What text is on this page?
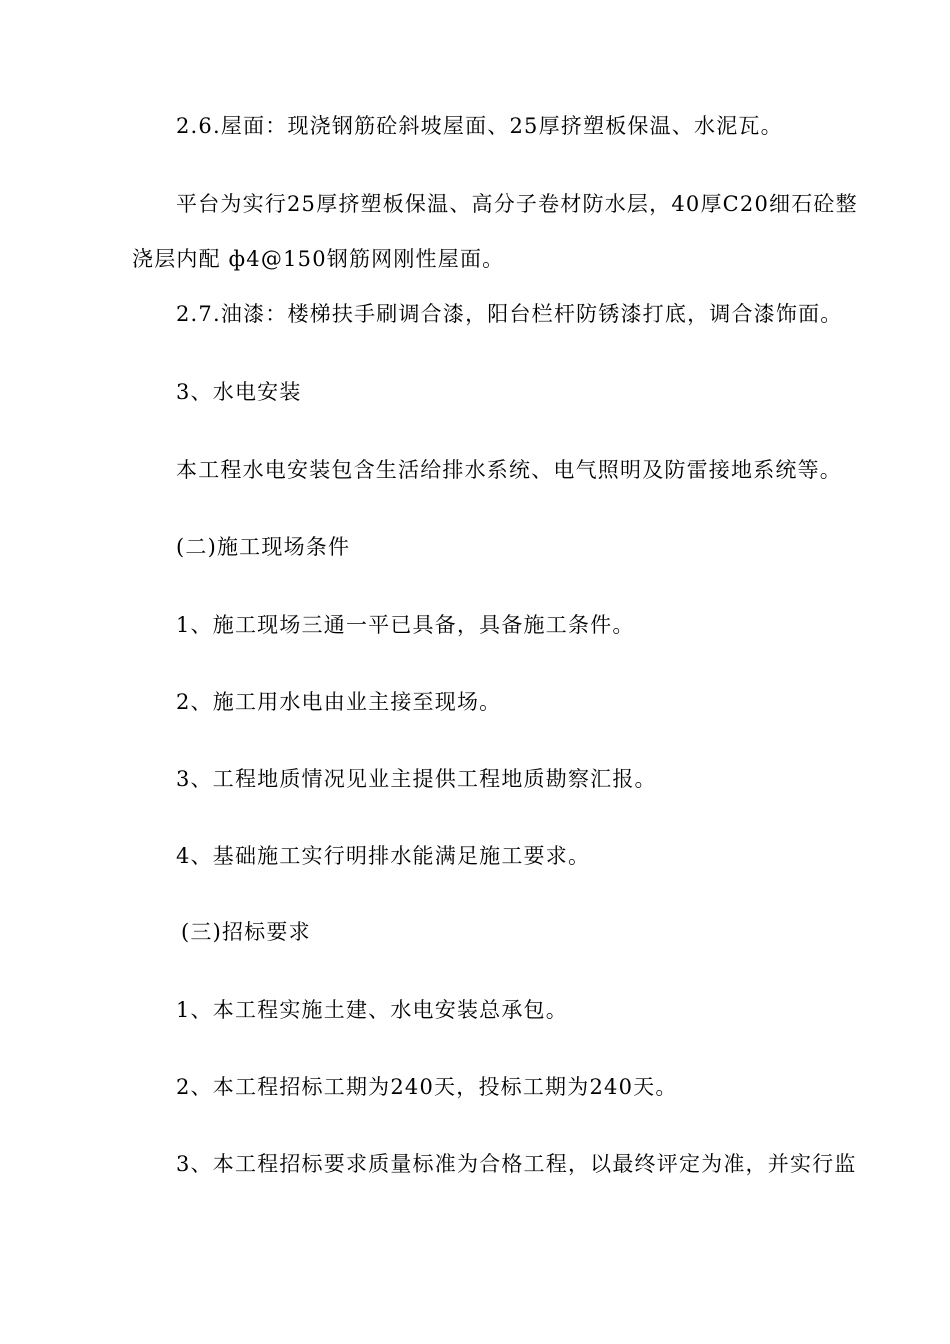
2.6.屋面：现浇钢筋砼斜坡屋面、25厚挤塑板保温、水泥瓦。
平台为实行25厚挤塑板保温、高分子卷材防水层，40厚C20细石砼整
浇层内配 ф4@150钢筋网刚性屋面。
2.7.油漆：楼梯扶手刷调合漆，阳台栏杆防锈漆打底，调合漆饰面。
3、水电安装
本工程水电安装包含生活给排水系统、电气照明及防雷接地系统等。
(二)施工现场条件
1、施工现场三通一平已具备，具备施工条件。
2、施工用水电由业主接至现场。
3、工程地质情况见业主提供工程地质勘察汇报。
4、基础施工实行明排水能满足施工要求。
(三)招标要求
1、本工程实施土建、水电安装总承包。
2、本工程招标工期为240天，投标工期为240天。
3、本工程招标要求质量标准为合格工程，以最终评定为准，并实行监
